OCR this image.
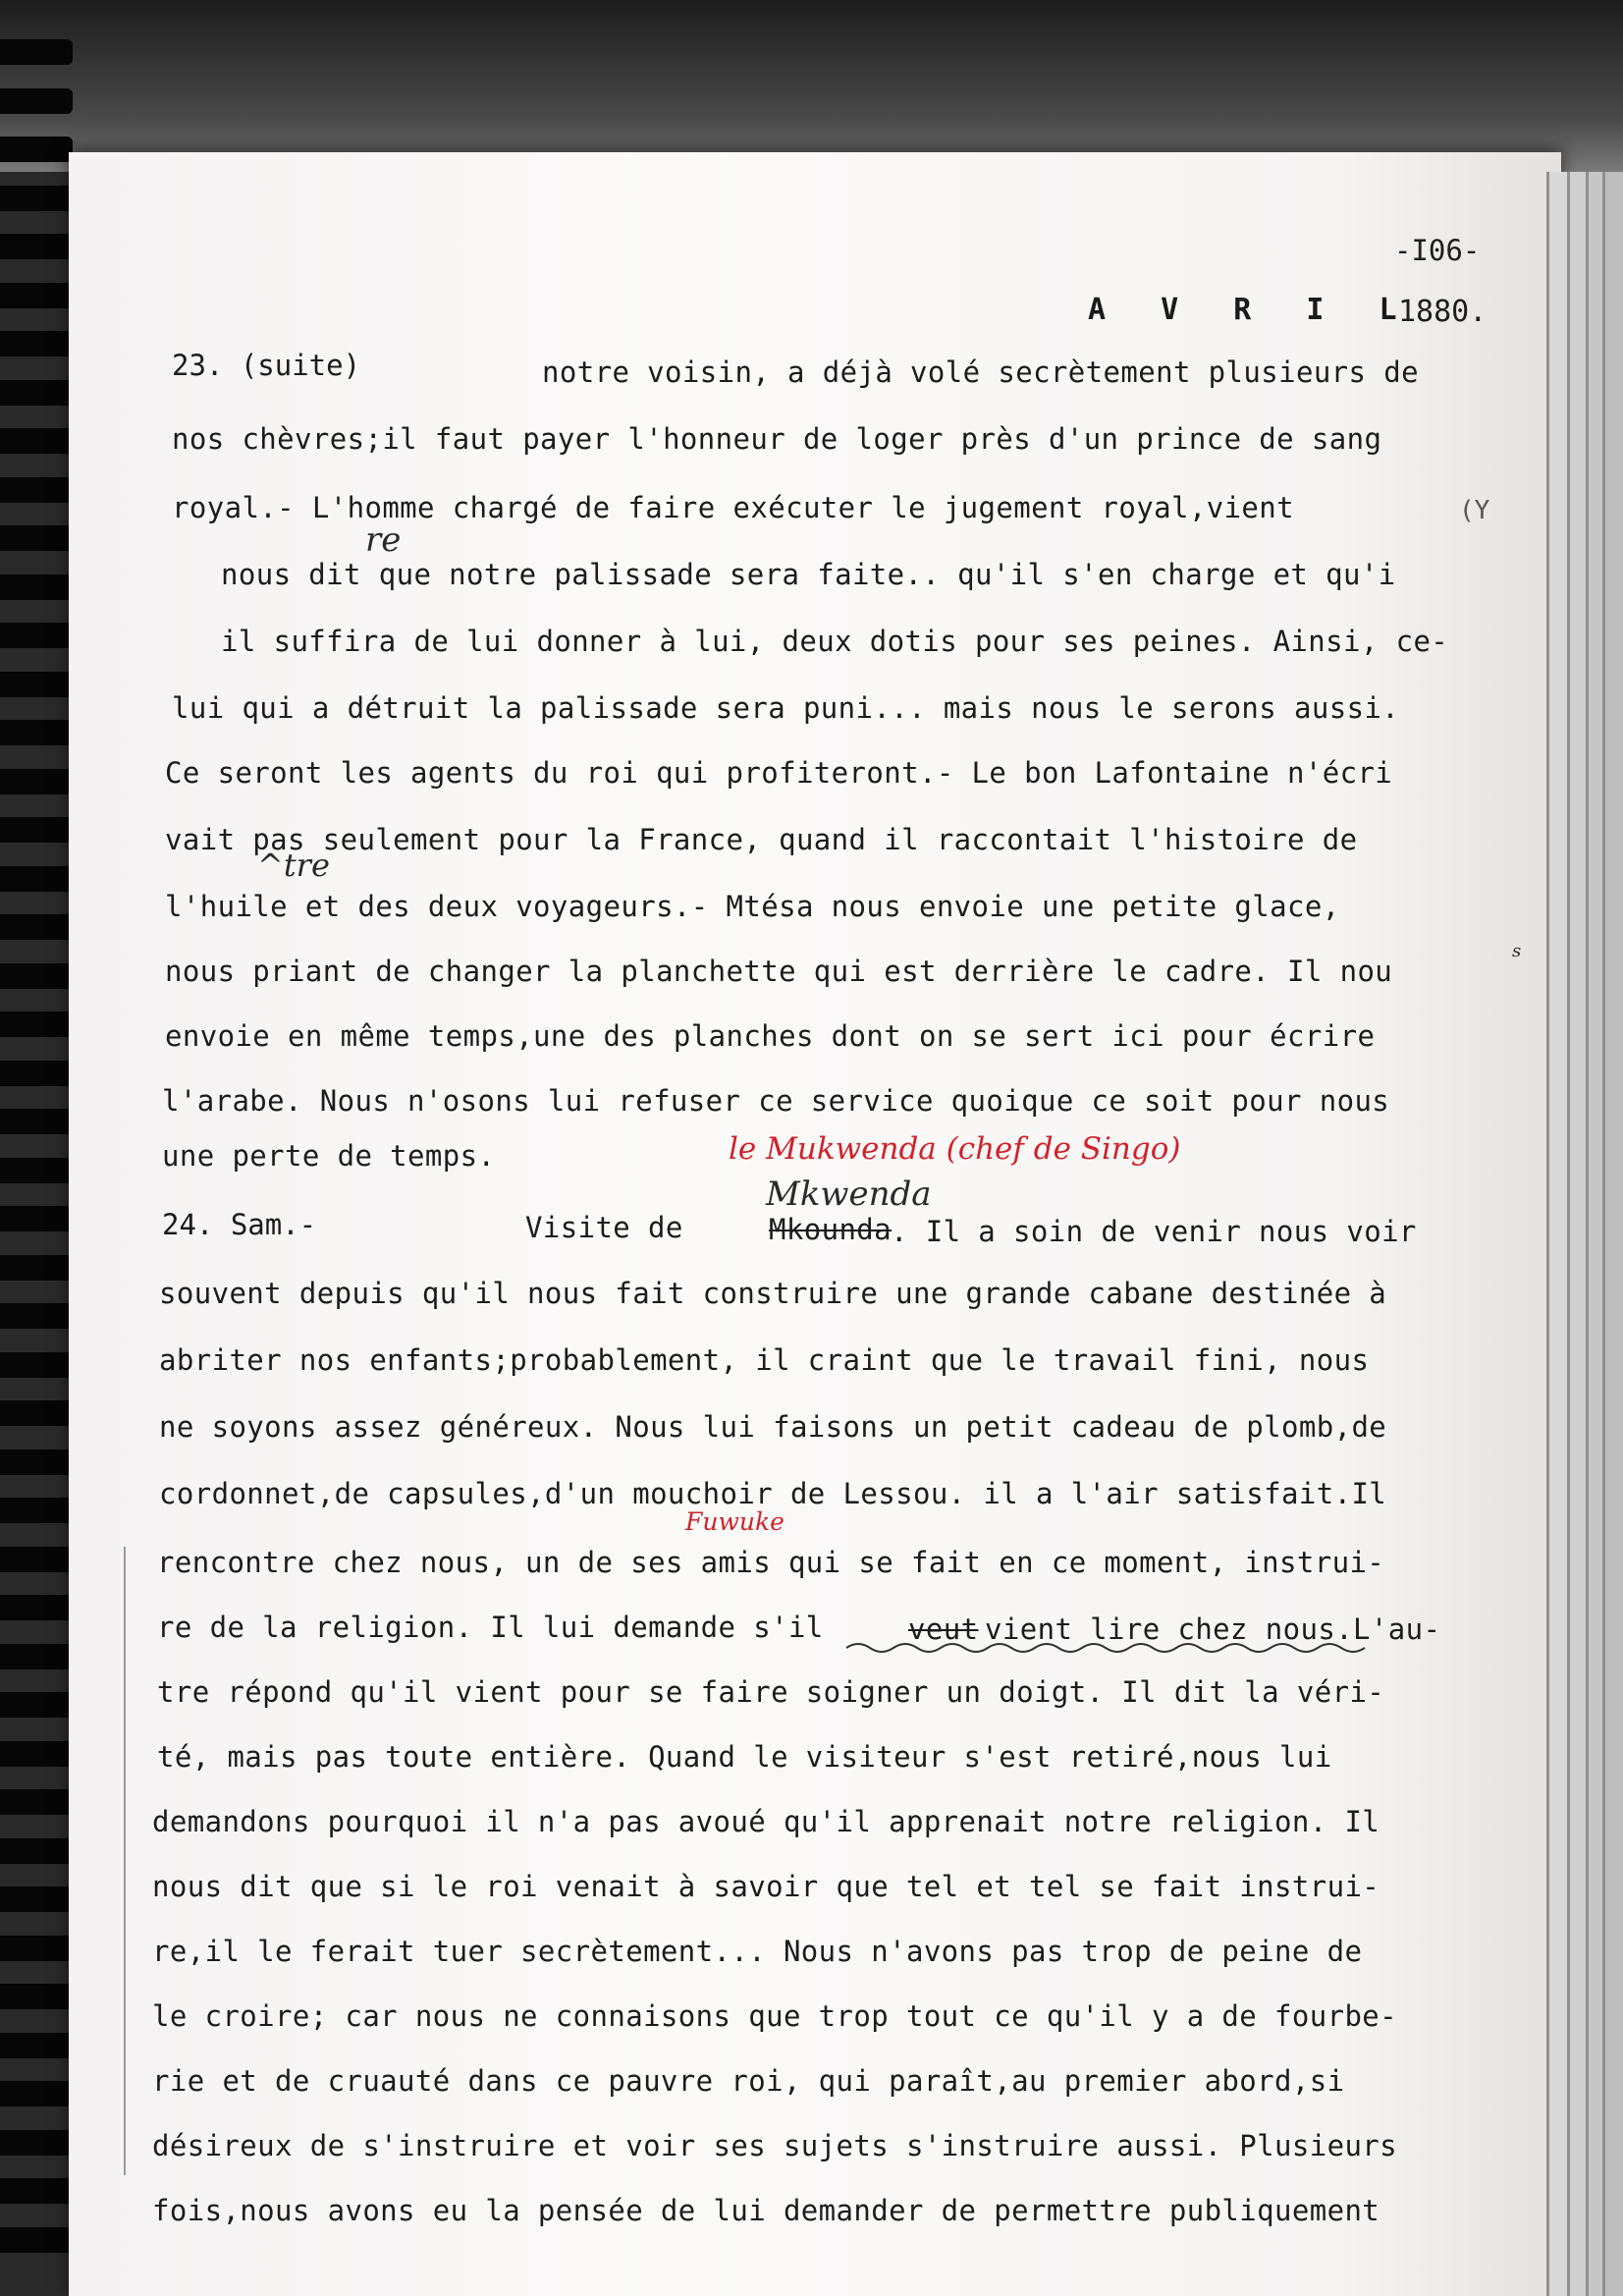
-I06-
A V R I L
1880.
23. (suite)	notre voisin, a déjà volé secrètement plusieurs de
nos chèvres;il faut payer l'honneur de loger près d'un prince de sang
royal.- L'homme chargé de faire exécuter le jugement royal,vient
nous dit que notre palissade sera faite.. qu'il s'en charge et qu'i
il suffira de lui donner à lui, deux dotis pour ses peines. Ainsi, ce-
lui qui a détruit la palissade sera puni... mais nous le serons aussi.
Ce seront les agents du roi qui profiteront.- Le bon Lafontaine n'écri
vait pas seulement pour la France, quand il raccontait l'histoire de
l'huile et des deux voyageurs.- Mtésa nous envoie une petite glace,
nous priant de changer la planchette qui est derrière le cadre. Il nou
envoie en même temps,une des planches dont on se sert ici pour écrire
l'arabe. Nous n'osons lui refuser ce service quoique ce soit pour nous
une perte de temps.
re
^tre
s
(Y
le Mukwenda (chef de Singo)
Mkwenda
24. Sam.-	Visite de	Mkounda
. Il a soin de venir nous voir
souvent depuis qu'il nous fait construire une grande cabane destinée à
abriter nos enfants;probablement, il craint que le travail fini, nous
ne soyons assez généreux. Nous lui faisons un petit cadeau de plomb,de
cordonnet,de capsules,d'un mouchoir de Lessou. il a l'air satisfait.Il
Fuwuke
rencontre chez nous, un de ses amis qui se fait en ce moment, instrui-
re de la religion. Il lui demande s'il	veut vient lire chez nous.L'au-
tre répond qu'il vient pour se faire soigner un doigt. Il dit la véri-
té, mais pas toute entière. Quand le visiteur s'est retiré,nous lui
demandons pourquoi il n'a pas avoué qu'il apprenait notre religion. Il
nous dit que si le roi venait à savoir que tel et tel se fait instrui-
re,il le ferait tuer secrètement... Nous n'avons pas trop de peine de
le croire; car nous ne connaisons que trop tout ce qu'il y a de fourbe-
rie et de cruauté dans ce pauvre roi, qui paraît,au premier abord,si
désireux de s'instruire et voir ses sujets s'instruire aussi. Plusieurs
fois,nous avons eu la pensée de lui demander de permettre publiquement
